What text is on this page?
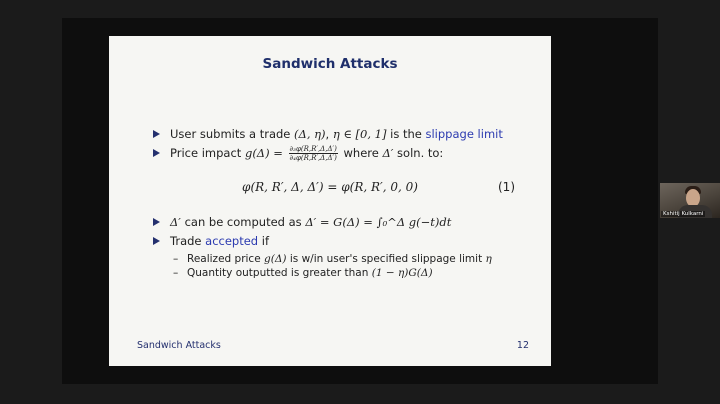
Sandwich Attacks
User submits a trade (Δ, η), η ∈ [0, 1] is the slippage limit
Price impact $g(\Delta) = \frac{\text{∂₃φ(R,R′,Δ,Δ′)}}{\text{∂₄φ(R,R′,Δ,Δ′)}}$ where Δ′ soln. to:
φ(R, R′, Δ, Δ′) = φ(R, R′, 0, 0)	(1)
Δ′ can be computed as Δ′ = G(Δ) = ∫₀^Δ g(−t)dt
Trade accepted if
– Realized price g(Δ) is w/in user's specified slippage limit η
– Quantity outputted is greater than (1 − η)G(Δ)
Sandwich Attacks	12
Kshitij Kulkarni
